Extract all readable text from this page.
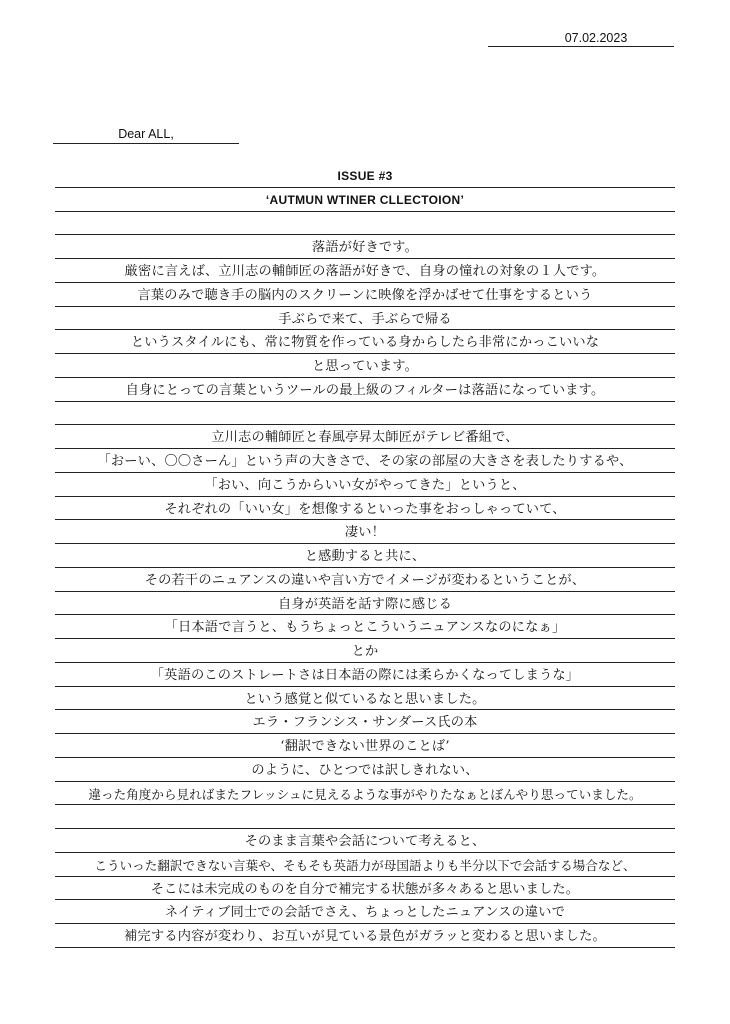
07.02.2023
Dear ALL,
ISSUE #3
‘AUTMUN WTINER CLLECTOION’
落語が好きです。
厳密に言えば、立川志の輔師匠の落語が好きで、自身の憧れの対象の１人です。
言葉のみで聴き手の脳内のスクリーンに映像を浮かばせて仕事をするという
手ぶらで来て、手ぶらで帰る
というスタイルにも、常に物質を作っている身からしたら非常にかっこいいな
と思っています。
自身にとっての言葉というツールの最上級のフィルターは落語になっています。
立川志の輔師匠と春風亭昇太師匠がテレビ番組で、
「おーい、〇〇さーん」という声の大きさで、その家の部屋の大きさを表したりするや、
「おい、向こうからいい女がやってきた」というと、
それぞれの「いい女」を想像するといった事をおっしゃっていて、
凄い！
と感動すると共に、
その若干のニュアンスの違いや言い方でイメージが変わるということが、
自身が英語を話す際に感じる
「日本語で言うと、もうちょっとこういうニュアンスなのになぁ」
とか
「英語のこのストレートさは日本語の際には柔らかくなってしまうな」
という感覚と似ているなと思いました。
エラ・フランシス・サンダース氏の本
‘翻訳できない世界のことば’
のように、ひとつでは訳しきれない、
違った角度から見ればまたフレッシュに見えるような事がやりたなぁとぼんやり思っていました。
そのまま言葉や会話について考えると、
こういった翻訳できない言葉や、そもそも英語力が母国語よりも半分以下で会話する場合など、
そこには未完成のものを自分で補完する状態が多々あると思いました。
ネイティブ同士での会話でさえ、ちょっとしたニュアンスの違いで
補完する内容が変わり、お互いが見ている景色がガラッと変わると思いました。
